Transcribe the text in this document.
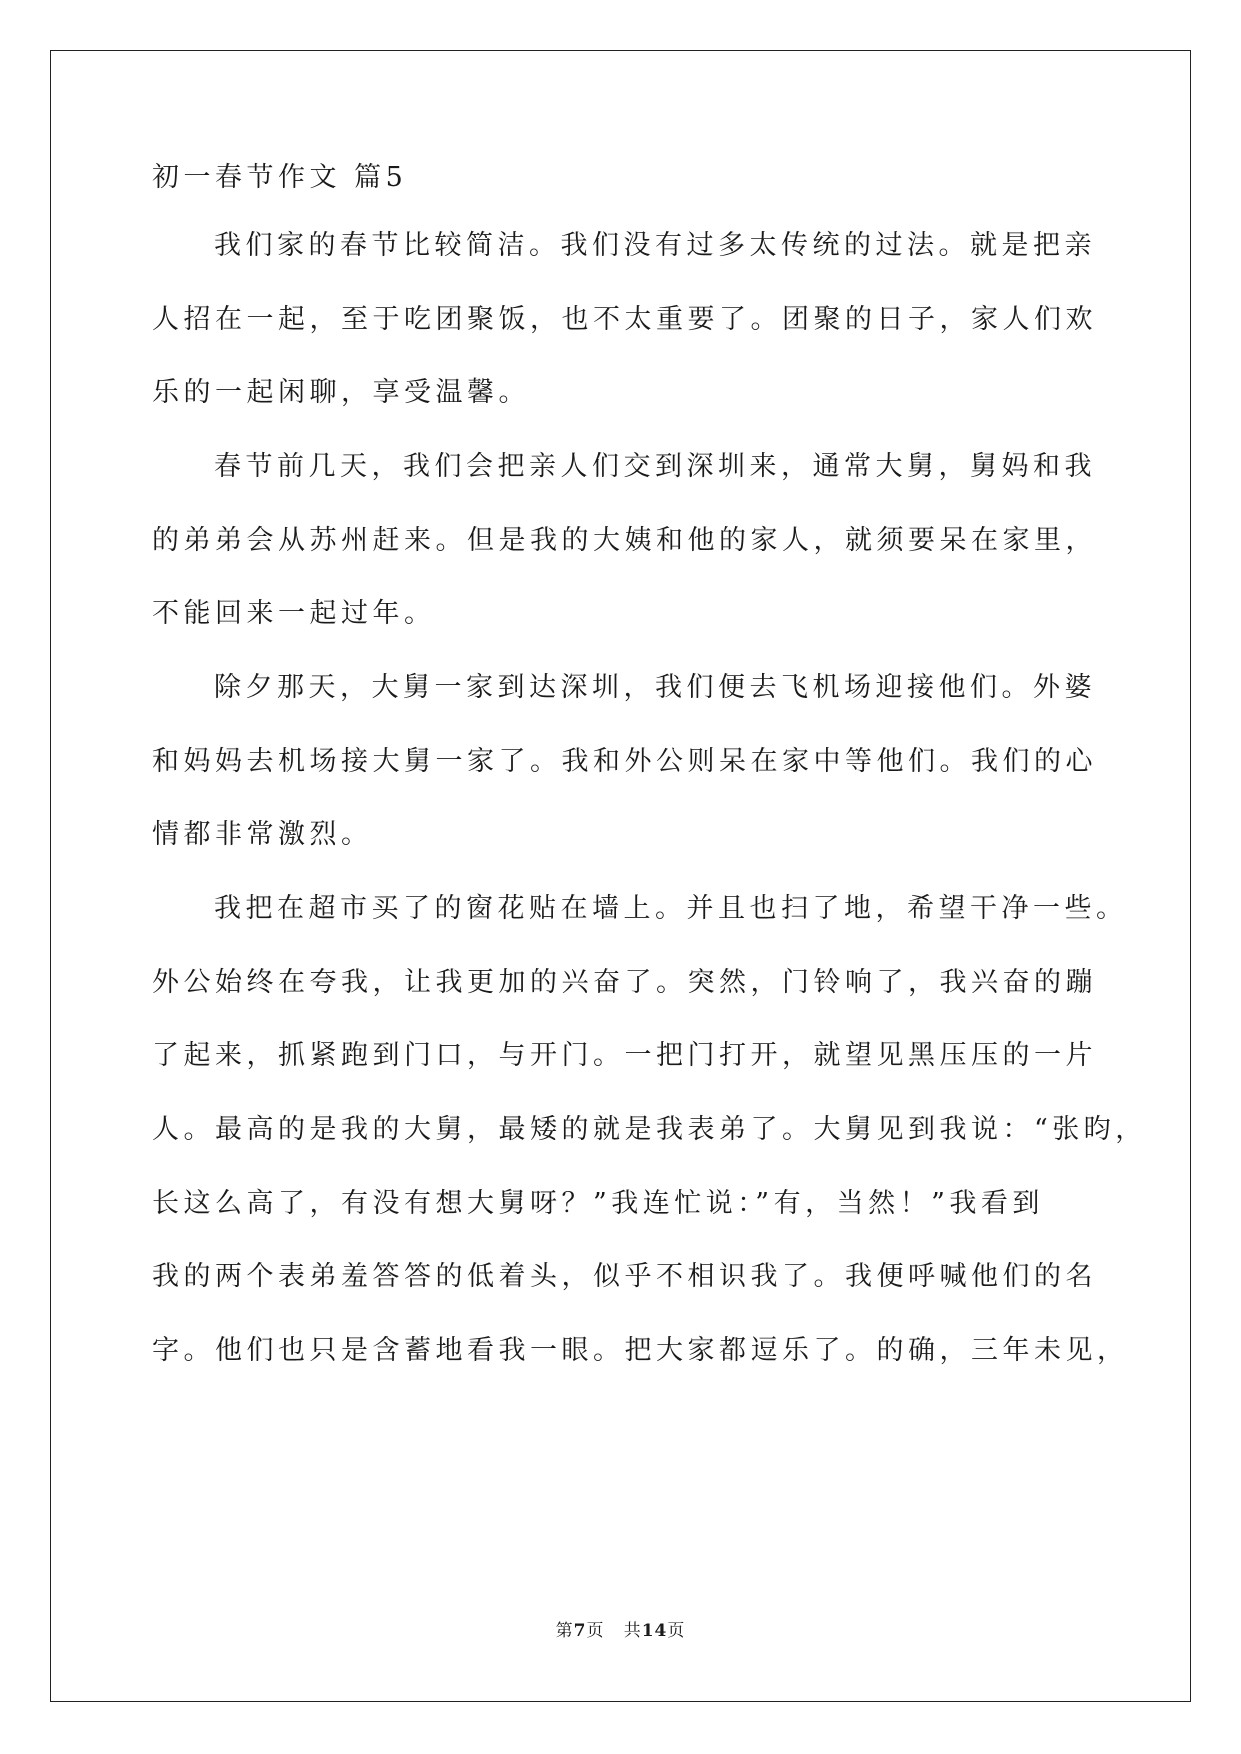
初一春节作文 篇5
我们家的春节比较简洁。我们没有过多太传统的过法。就是把亲
人招在一起，至于吃团聚饭，也不太重要了。团聚的日子，家人们欢
乐的一起闲聊，享受温馨。
春节前几天，我们会把亲人们交到深圳来，通常大舅，舅妈和我
的弟弟会从苏州赶来。但是我的大姨和他的家人，就须要呆在家里，
不能回来一起过年。
除夕那天，大舅一家到达深圳，我们便去飞机场迎接他们。外婆
和妈妈去机场接大舅一家了。我和外公则呆在家中等他们。我们的心
情都非常激烈。
我把在超市买了的窗花贴在墙上。并且也扫了地，希望干净一些。
外公始终在夸我，让我更加的兴奋了。突然，门铃响了，我兴奋的蹦
了起来，抓紧跑到门口，与开门。一把门打开，就望见黑压压的一片
人。最高的是我的大舅，最矮的就是我表弟了。大舅见到我说：“张昀，
长这么高了，有没有想大舅呀？”我连忙说：”有，当然！”我看到
我的两个表弟羞答答的低着头，似乎不相识我了。我便呼喊他们的名
字。他们也只是含蓄地看我一眼。把大家都逗乐了。的确，三年未见，
第7页 共14页
